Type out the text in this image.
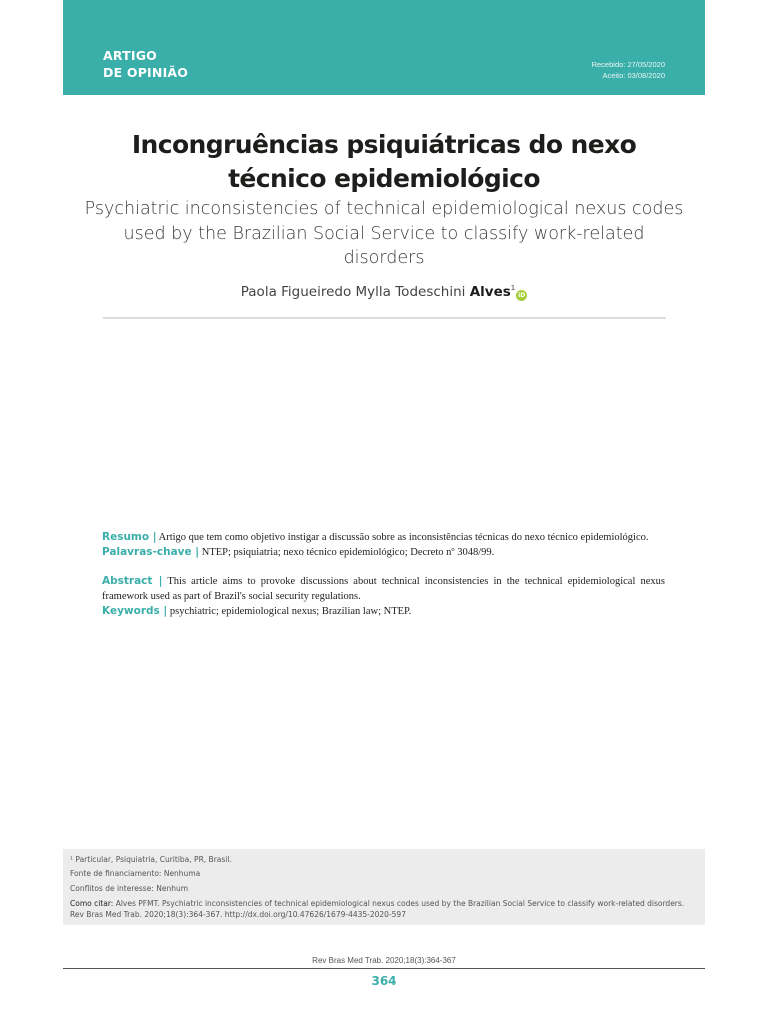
ARTIGO
DE OPINIÃO
Recebido: 27/05/2020
Aceito: 03/08/2020
Incongruências psiquiátricas do nexo técnico epidemiológico
Psychiatric inconsistencies of technical epidemiological nexus codes used by the Brazilian Social Service to classify work-related disorders
Paola Figueiredo Mylla Todeschini Alves$^1$iD
Resumo | Artigo que tem como objetivo instigar a discussão sobre as inconsistências técnicas do nexo técnico epidemiológico.
Palavras-chave | NTEP; psiquiatria; nexo técnico epidemiológico; Decreto nº 3048/99.
Abstract | This article aims to provoke discussions about technical inconsistencies in the technical epidemiological nexus framework used as part of Brazil's social security regulations.
Keywords | psychiatric; epidemiological nexus; Brazilian law; NTEP.
¹ Particular, Psiquiatria, Curitiba, PR, Brasil.
Fonte de financiamento: Nenhuma
Conflitos de interesse: Nenhum
Como citar: Alves PFMT. Psychiatric inconsistencies of technical epidemiological nexus codes used by the Brazilian Social Service to classify work-related disorders. Rev Bras Med Trab. 2020;18(3):364-367. http://dx.doi.org/10.47626/1679-4435-2020-597
Rev Bras Med Trab. 2020;18(3):364-367
364
